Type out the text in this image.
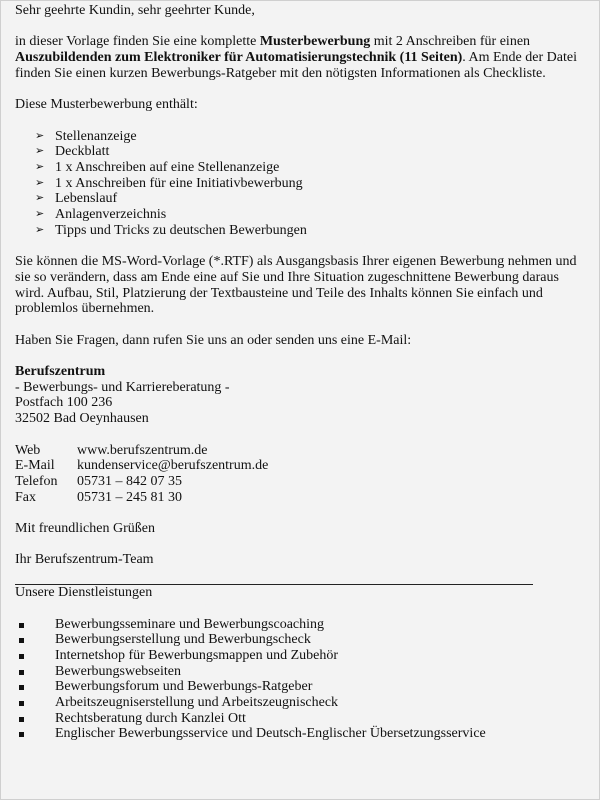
Sehr geehrte Kundin, sehr geehrter Kunde,

in dieser Vorlage finden Sie eine komplette Musterbewerbung mit 2 Anschreiben für einen Auszubildenden zum Elektroniker für Automatisierungstechnik (11 Seiten). Am Ende der Datei finden Sie einen kurzen Bewerbungs-Ratgeber mit den nötigsten Informationen als Checkliste.

Diese Musterbewerbung enthält:

➢ Stellenanzeige
➢ Deckblatt
➢ 1 x Anschreiben auf eine Stellenanzeige
➢ 1 x Anschreiben für eine Initiativbewerbung
➢ Lebenslauf
➢ Anlagenverzeichnis
➢ Tipps und Tricks zu deutschen Bewerbungen

Sie können die MS-Word-Vorlage (*.RTF) als Ausgangsbasis Ihrer eigenen Bewerbung nehmen und sie so verändern, dass am Ende eine auf Sie und Ihre Situation zugeschnittene Bewerbung daraus wird. Aufbau, Stil, Platzierung der Textbausteine und Teile des Inhalts können Sie einfach und problemlos übernehmen.

Haben Sie Fragen, dann rufen Sie uns an oder senden uns eine E-Mail:

Berufszentrum
- Bewerbungs- und Karriereberatung -
Postfach 100 236
32502 Bad Oeynhausen

Web	www.berufszentrum.de
E-Mail	kundenservice@berufszentrum.de
Telefon	05731 – 842 07 35
Fax	05731 – 245 81 30

Mit freundlichen Grüßen

Ihr Berufszentrum-Team

Unsere Dienstleistungen

Bewerbungsseminare und Bewerbungscoaching
Bewerbungserstellung und Bewerbungscheck
Internetshop für Bewerbungsmappen und Zubehör
Bewerbungswebseiten
Bewerbungsforum und Bewerbungs-Ratgeber
Arbeitszeugniserstellung und Arbeitszeugnischeck
Rechtsberatung durch Kanzlei Ott
Englischer Bewerbungsservice und Deutsch-Englischer Übersetzungsservice
